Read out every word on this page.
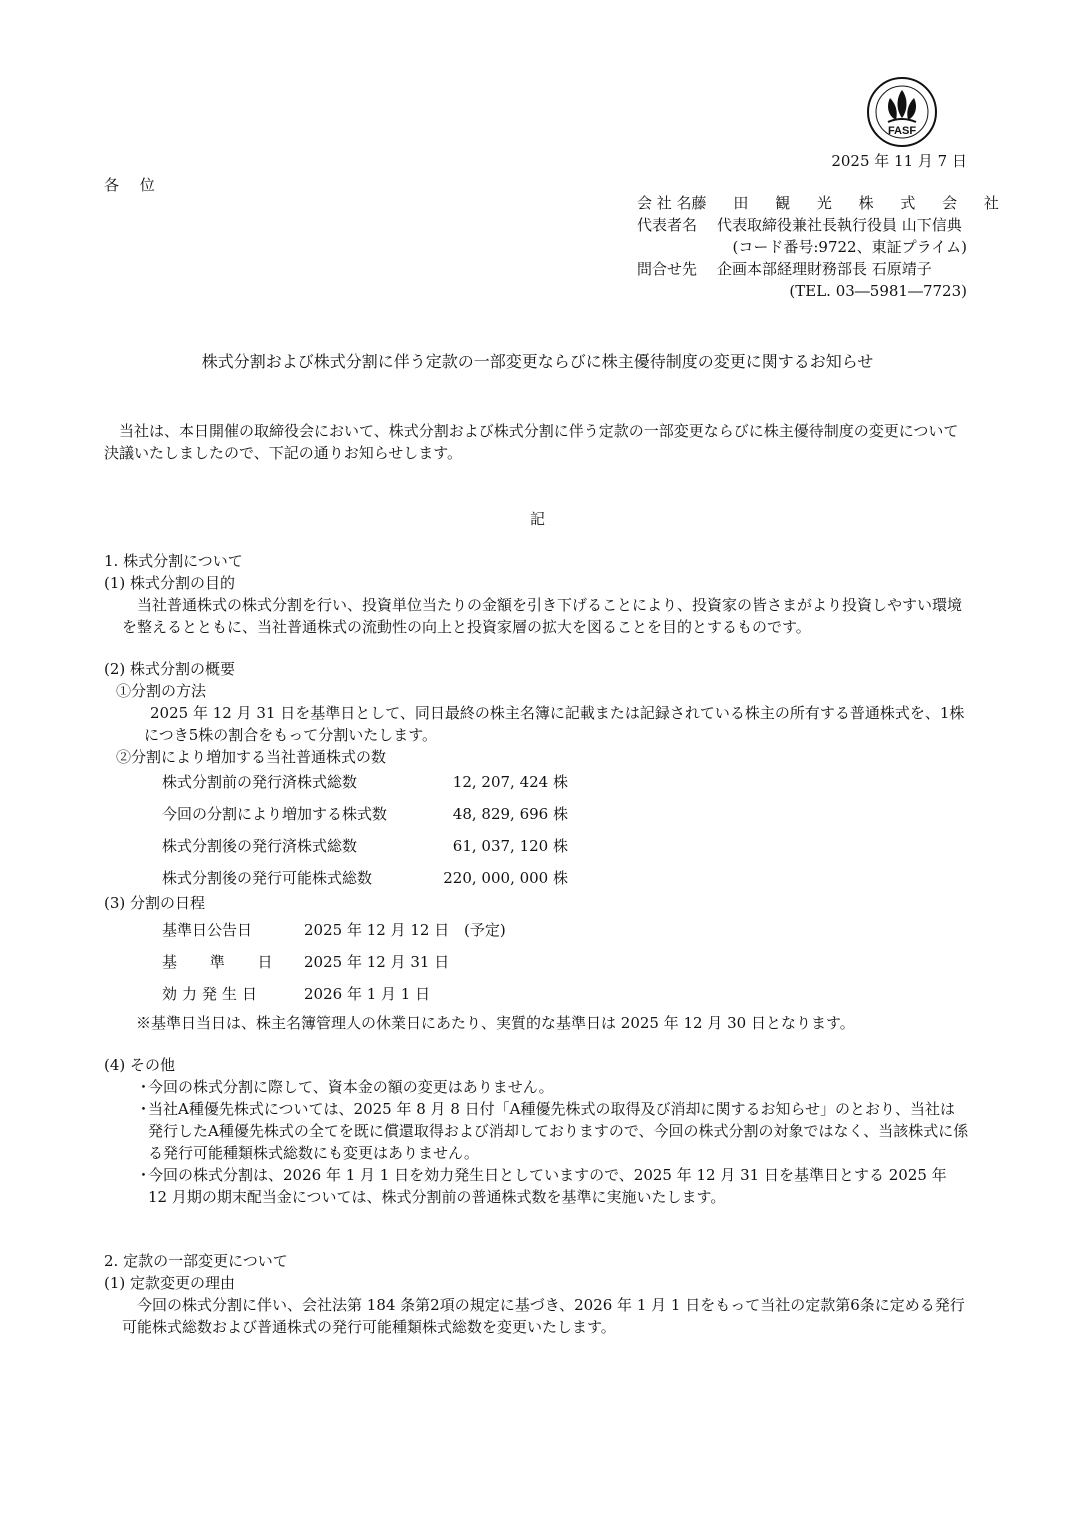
FASF
2025 年 11 月 7 日
各 位
会 社 名 藤 田 観 光 株 式 会 社
代表者名	代表取締役兼社長執行役員 山下信典
(コード番号:9722、東証プライム)
問合せ先	企画本部経理財務部長 石原靖子
(TEL. 03―5981―7723)
株式分割および株式分割に伴う定款の一部変更ならびに株主優待制度の変更に関するお知らせ
当社は、本日開催の取締役会において、株式分割および株式分割に伴う定款の一部変更ならびに株主優待制度の変更について決議いたしましたので、下記の通りお知らせします。
記
1. 株式分割について
(1) 株式分割の目的
当社普通株式の株式分割を行い、投資単位当たりの金額を引き下げることにより、投資家の皆さまがより投資しやすい環境を整えるとともに、当社普通株式の流動性の向上と投資家層の拡大を図ることを目的とするものです。
(2) 株式分割の概要
①分割の方法
2025 年 12 月 31 日を基準日として、同日最終の株主名簿に記載または記録されている株主の所有する普通株式を、1株につき5株の割合をもって分割いたします。
②分割により増加する当社普通株式の数
株式分割前の発行済株式総数	12, 207, 424 株
今回の分割により増加する株式数	48, 829, 696 株
株式分割後の発行済株式総数	61, 037, 120 株
株式分割後の発行可能株式総数	220, 000, 000 株
(3) 分割の日程
基準日公告日	2025 年 12 月 12 日 (予定)
基 準 日	2025 年 12 月 31 日
効力発生日	2026 年 1 月 1 日
※基準日当日は、株主名簿管理人の休業日にあたり、実質的な基準日は 2025 年 12 月 30 日となります。
(4) その他
・
今回の株式分割に際して、資本金の額の変更はありません。
・
当社A種優先株式については、2025 年 8 月 8 日付「A種優先株式の取得及び消却に関するお知らせ」のとおり、当社は発行したA種優先株式の全てを既に償還取得および消却しておりますので、今回の株式分割の対象ではなく、当該株式に係る発行可能種類株式総数にも変更はありません。
・
今回の株式分割は、2026 年 1 月 1 日を効力発生日としていますので、2025 年 12 月 31 日を基準日とする 2025 年 12 月期の期末配当金については、株式分割前の普通株式数を基準に実施いたします。
2. 定款の一部変更について
(1) 定款変更の理由
今回の株式分割に伴い、会社法第 184 条第2項の規定に基づき、2026 年 1 月 1 日をもって当社の定款第6条に定める発行可能株式総数および普通株式の発行可能種類株式総数を変更いたします。
